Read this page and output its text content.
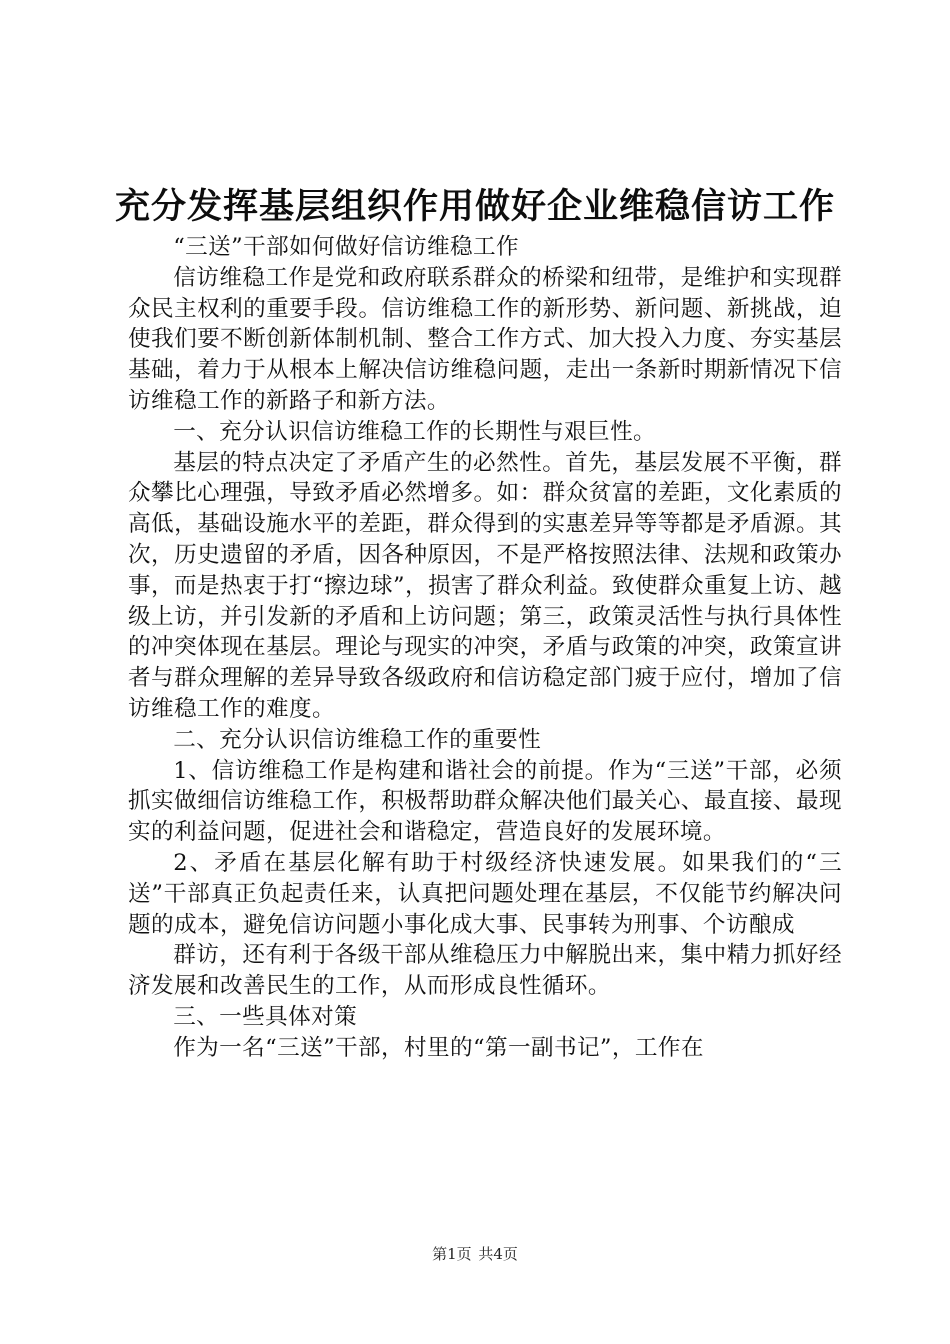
充分发挥基层组织作用做好企业维稳信访工作

“三送”干部如何做好信访维稳工作

信访维稳工作是党和政府联系群众的桥梁和纽带，是维护和实现群众民主权利的重要手段。信访维稳工作的新形势、新问题、新挑战，迫使我们要不断创新体制机制、整合工作方式、加大投入力度、夯实基层基础，着力于从根本上解决信访维稳问题，走出一条新时期新情况下信访维稳工作的新路子和新方法。

一、充分认识信访维稳工作的长期性与艰巨性。

基层的特点决定了矛盾产生的必然性。首先，基层发展不平衡，群众攀比心理强，导致矛盾必然增多。如：群众贫富的差距，文化素质的高低，基础设施水平的差距，群众得到的实惠差异等等都是矛盾源。其次，历史遗留的矛盾，因各种原因，不是严格按照法律、法规和政策办事，而是热衷于打“擦边球”，损害了群众利益。致使群众重复上访、越级上访，并引发新的矛盾和上访问题；第三，政策灵活性与执行具体性的冲突体现在基层。理论与现实的冲突，矛盾与政策的冲突，政策宣讲者与群众理解的差异导致各级政府和信访稳定部门疲于应付，增加了信访维稳工作的难度。

二、充分认识信访维稳工作的重要性

1、信访维稳工作是构建和谐社会的前提。作为“三送”干部，必须抓实做细信访维稳工作，积极帮助群众解决他们最关心、最直接、最现实的利益问题，促进社会和谐稳定，营造良好的发展环境。

2、矛盾在基层化解有助于村级经济快速发展。如果我们的“三送”干部真正负起责任来，认真把问题处理在基层，不仅能节约解决问题的成本，避免信访问题小事化成大事、民事转为刑事、个访酿成

群访，还有利于各级干部从维稳压力中解脱出来，集中精力抓好经济发展和改善民生的工作，从而形成良性循环。

三、一些具体对策

作为一名“三送”干部，村里的“第一副书记”，工作在

第1页 共4页
